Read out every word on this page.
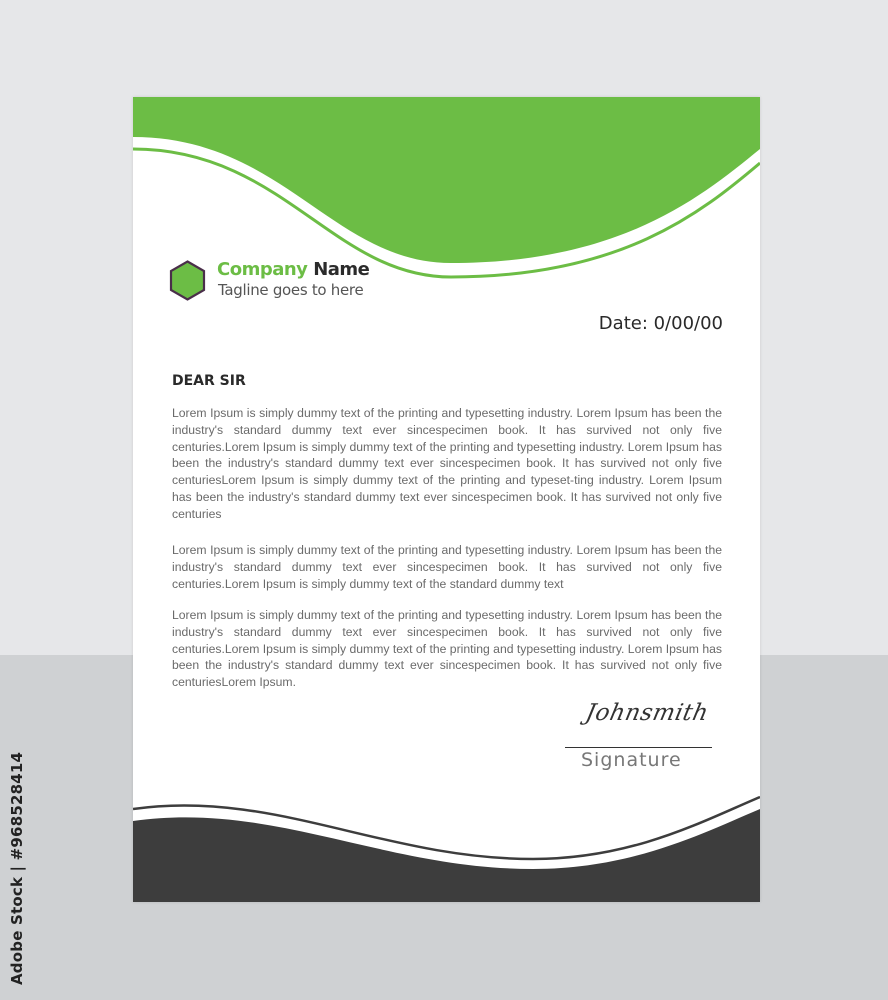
Adobe Stock | #968528414
Company Name
Tagline goes to here
Date: 0/00/00
DEAR SIR

Lorem Ipsum is simply dummy text of the printing and typesetting industry. Lorem Ipsum has been the industry's standard dummy text ever sincespecimen book. It has survived not only five centuries.Lorem Ipsum is simply dummy text of the printing and typesetting industry. Lorem Ipsum has been the industry's standard dummy text ever sincespecimen book. It has survived not only five centuriesLorem Ipsum is simply dummy text of the printing and typeset-ting industry. Lorem Ipsum has been the industry's standard dummy text ever sincespecimen book. It has survived not only five centuries

Lorem Ipsum is simply dummy text of the printing and typesetting industry. Lorem Ipsum has been the industry's standard dummy text ever sincespecimen book. It has survived not only five centuries.Lorem Ipsum is simply dummy text of the standard dummy text

Lorem Ipsum is simply dummy text of the printing and typesetting industry. Lorem Ipsum has been the industry's standard dummy text ever sincespecimen book. It has survived not only five centuries.Lorem Ipsum is simply dummy text of the printing and typesetting industry. Lorem Ipsum has been the industry's standard dummy text ever sincespecimen book. It has survived not only five centuriesLorem Ipsum.

Johnsmith
Signature
